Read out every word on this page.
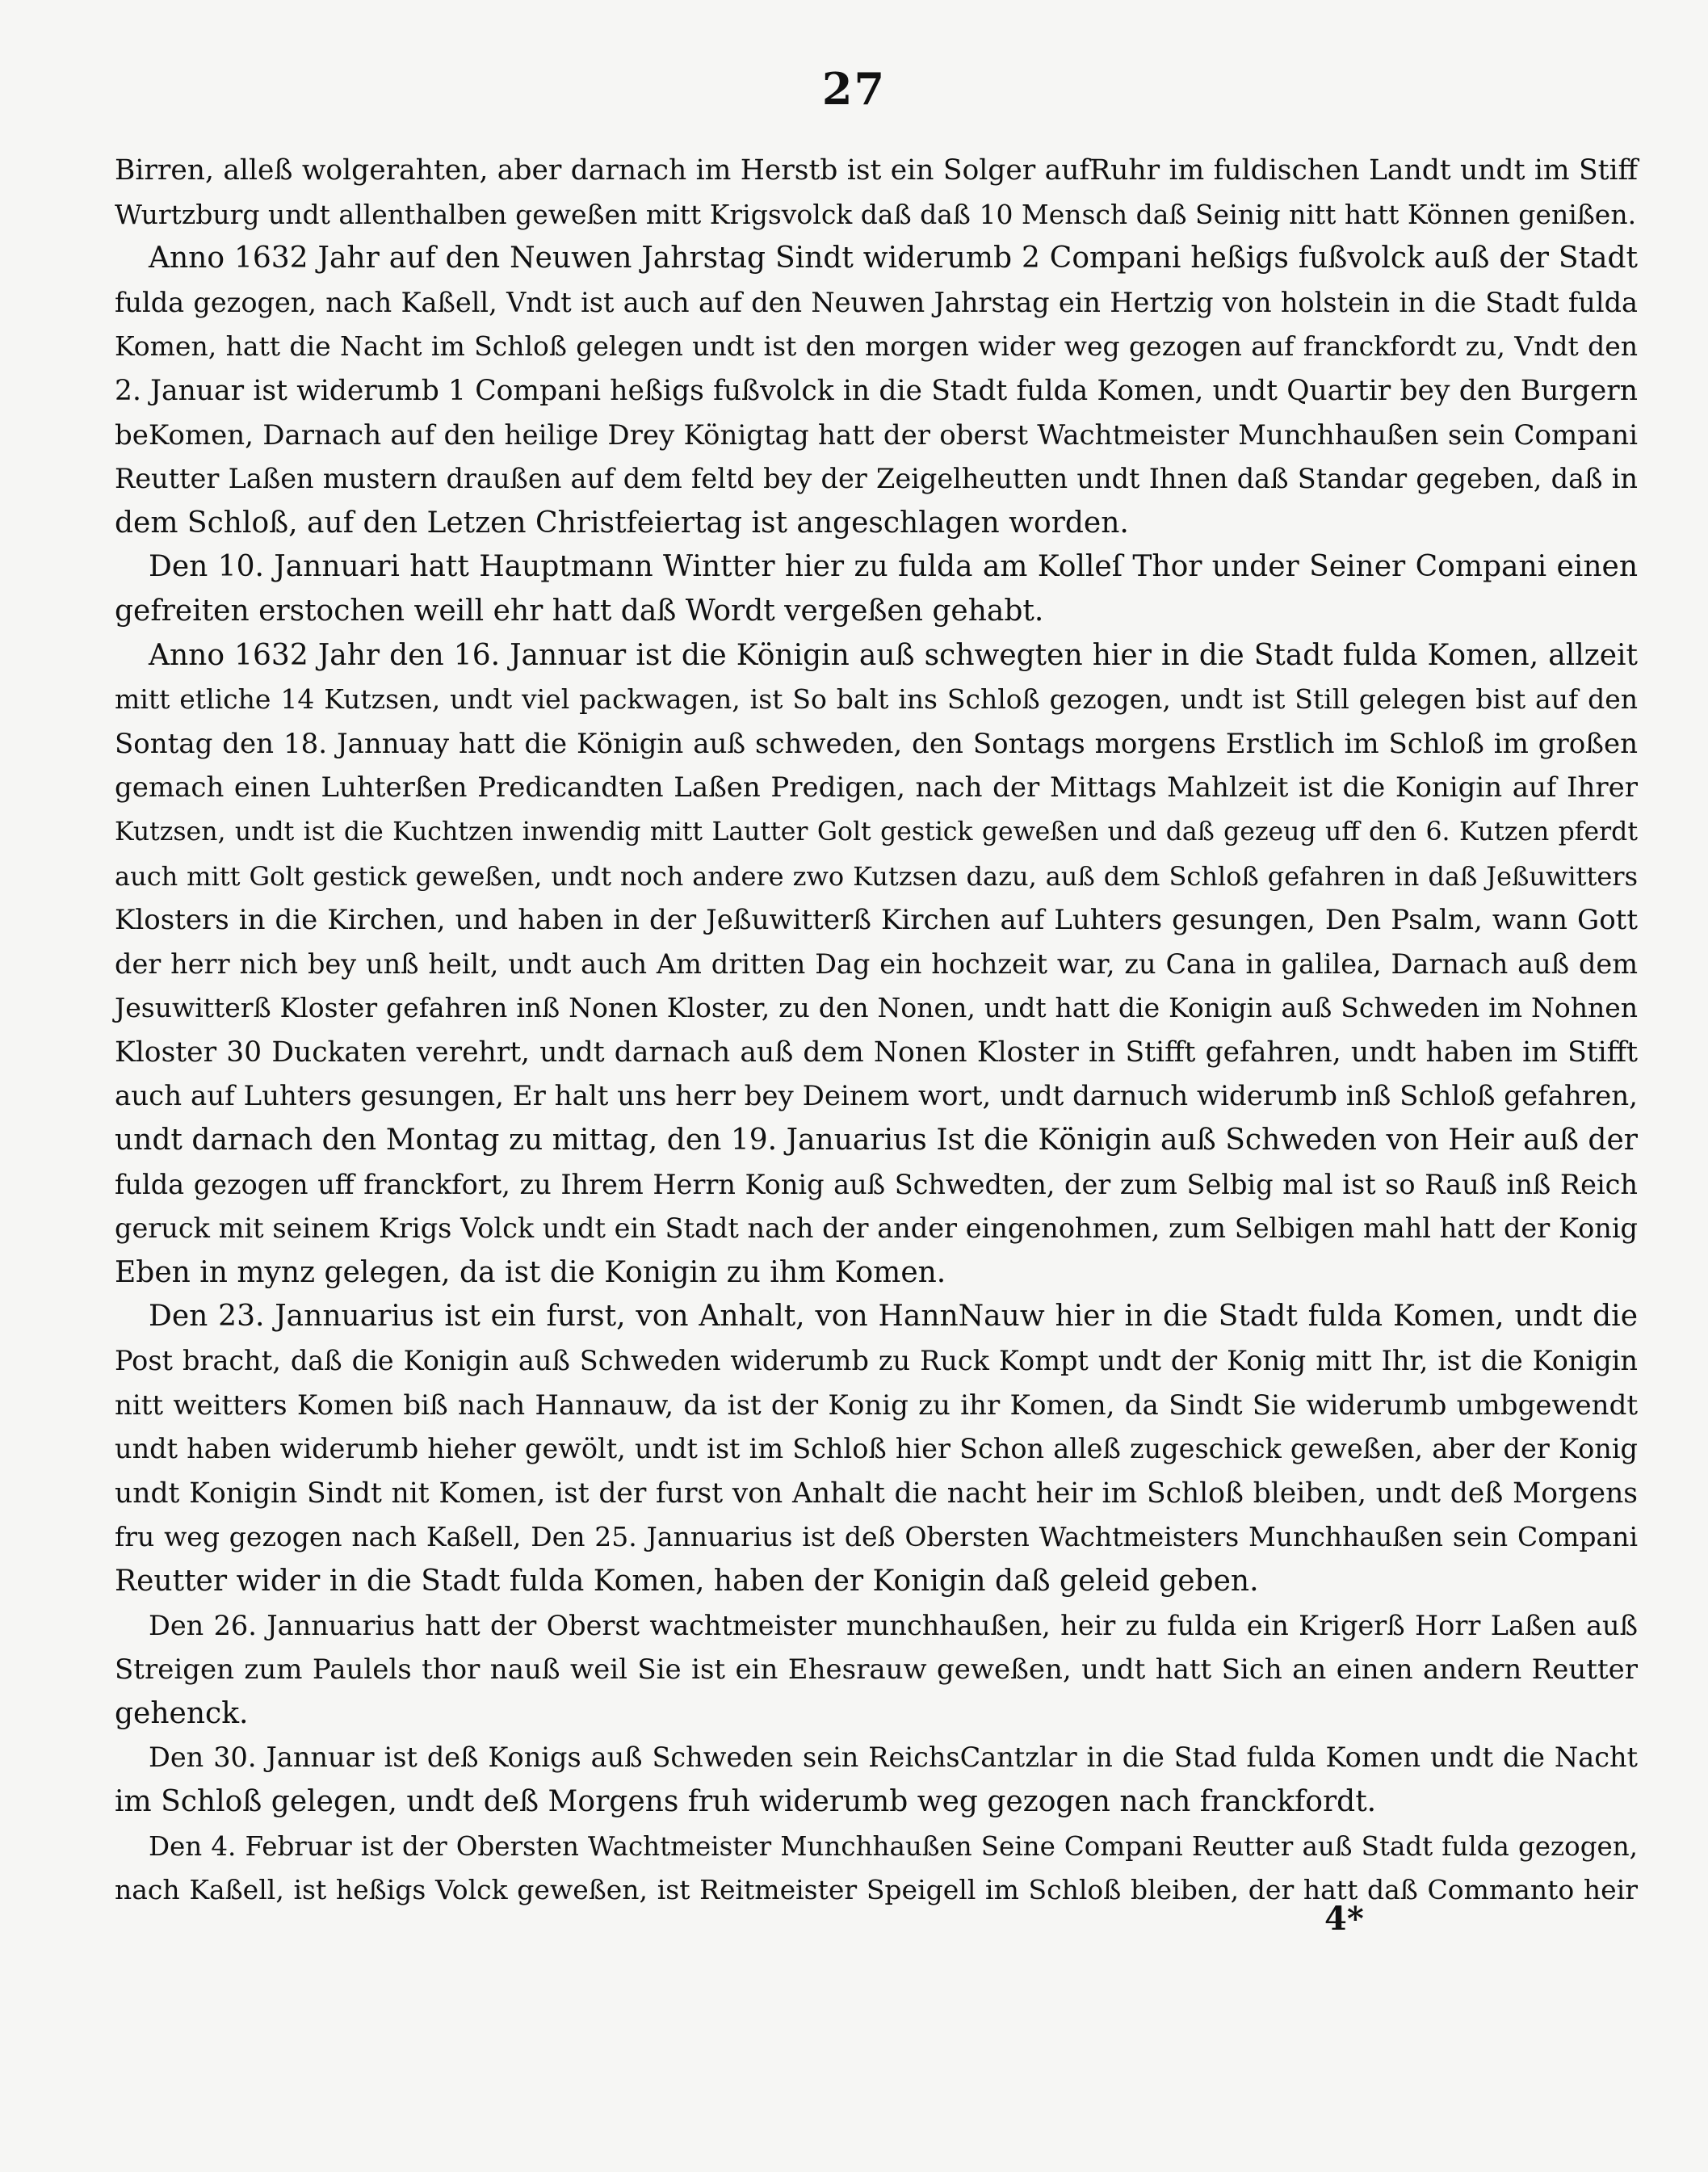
27
Birren, alleß wolgerahten, aber darnach im Herstb ist ein Solger aufRuhr im fuldischen Landt undt im Stiff
Wurtzburg undt allenthalben geweßen mitt Krigsvolck daß daß 10 Mensch daß Seinig nitt hatt Können genißen.
Anno 1632 Jahr auf den Neuwen Jahrstag Sindt widerumb 2 Compani heßigs fußvolck auß der Stadt
fulda gezogen, nach Kaßell, Vndt ist auch auf den Neuwen Jahrstag ein Hertzig von holstein in die Stadt fulda
Komen, hatt die Nacht im Schloß gelegen undt ist den morgen wider weg gezogen auf franckfordt zu, Vndt den
2. Januar ist widerumb 1 Compani heßigs fußvolck in die Stadt fulda Komen, undt Quartir bey den Burgern
beKomen, Darnach auf den heilige Drey Königtag hatt der oberst Wachtmeister Munchhaußen sein Compani
Reutter Laßen mustern draußen auf dem feltd bey der Zeigelheutten undt Ihnen daß Standar gegeben, daß in
dem Schloß, auf den Letzen Christfeiertag ist angeschlagen worden.
Den 10. Jannuari hatt Hauptmann Wintter hier zu fulda am Kolleſ Thor under Seiner Compani einen
gefreiten erstochen weill ehr hatt daß Wordt vergeßen gehabt.
Anno 1632 Jahr den 16. Jannuar ist die Königin auß schwegten hier in die Stadt fulda Komen, allzeit
mitt etliche 14 Kutzsen, undt viel packwagen, ist So balt ins Schloß gezogen, undt ist Still gelegen bist auf den
Sontag den 18. Jannuay hatt die Königin auß schweden, den Sontags morgens Erstlich im Schloß im großen
gemach einen Luhterßen Predicandten Laßen Predigen, nach der Mittags Mahlzeit ist die Konigin auf Ihrer
Kutzsen, undt ist die Kuchtzen inwendig mitt Lautter Golt gestick geweßen und daß gezeug uff den 6. Kutzen pferdt
auch mitt Golt gestick geweßen, undt noch andere zwo Kutzsen dazu, auß dem Schloß gefahren in daß Jeßuwitters
Klosters in die Kirchen, und haben in der Jeßuwitterß Kirchen auf Luhters gesungen, Den Psalm, wann Gott
der herr nich bey unß heilt, undt auch Am dritten Dag ein hochzeit war, zu Cana in galilea, Darnach auß dem
Jesuwitterß Kloster gefahren inß Nonen Kloster, zu den Nonen, undt hatt die Konigin auß Schweden im Nohnen
Kloster 30 Duckaten verehrt, undt darnach auß dem Nonen Kloster in Stifft gefahren, undt haben im Stifft
auch auf Luhters gesungen, Er halt uns herr bey Deinem wort, undt darnuch widerumb inß Schloß gefahren,
undt darnach den Montag zu mittag, den 19. Januarius Ist die Königin auß Schweden von Heir auß der
fulda gezogen uff franckfort, zu Ihrem Herrn Konig auß Schwedten, der zum Selbig mal ist so Rauß inß Reich
geruck mit seinem Krigs Volck undt ein Stadt nach der ander eingenohmen, zum Selbigen mahl hatt der Konig
Eben in mynz gelegen, da ist die Konigin zu ihm Komen.
Den 23. Jannuarius ist ein furst, von Anhalt, von HannNauw hier in die Stadt fulda Komen, undt die
Post bracht, daß die Konigin auß Schweden widerumb zu Ruck Kompt undt der Konig mitt Ihr, ist die Konigin
nitt weitters Komen biß nach Hannauw, da ist der Konig zu ihr Komen, da Sindt Sie widerumb umbgewendt
undt haben widerumb hieher gewölt, undt ist im Schloß hier Schon alleß zugeschick geweßen, aber der Konig
undt Konigin Sindt nit Komen, ist der furst von Anhalt die nacht heir im Schloß bleiben, undt deß Morgens
fru weg gezogen nach Kaßell, Den 25. Jannuarius ist deß Obersten Wachtmeisters Munchhaußen sein Compani
Reutter wider in die Stadt fulda Komen, haben der Konigin daß geleid geben.
Den 26. Jannuarius hatt der Oberst wachtmeister munchhaußen, heir zu fulda ein Krigerß Horr Laßen auß
Streigen zum Paulels thor nauß weil Sie ist ein Ehesrauw geweßen, undt hatt Sich an einen andern Reutter
gehenck.
Den 30. Jannuar ist deß Konigs auß Schweden sein ReichsCantzlar in die Stad fulda Komen undt die Nacht
im Schloß gelegen, undt deß Morgens fruh widerumb weg gezogen nach franckfordt.
Den 4. Februar ist der Obersten Wachtmeister Munchhaußen Seine Compani Reutter auß Stadt fulda gezogen,
nach Kaßell, ist heßigs Volck geweßen, ist Reitmeister Speigell im Schloß bleiben, der hatt daß Commanto heir
4*
